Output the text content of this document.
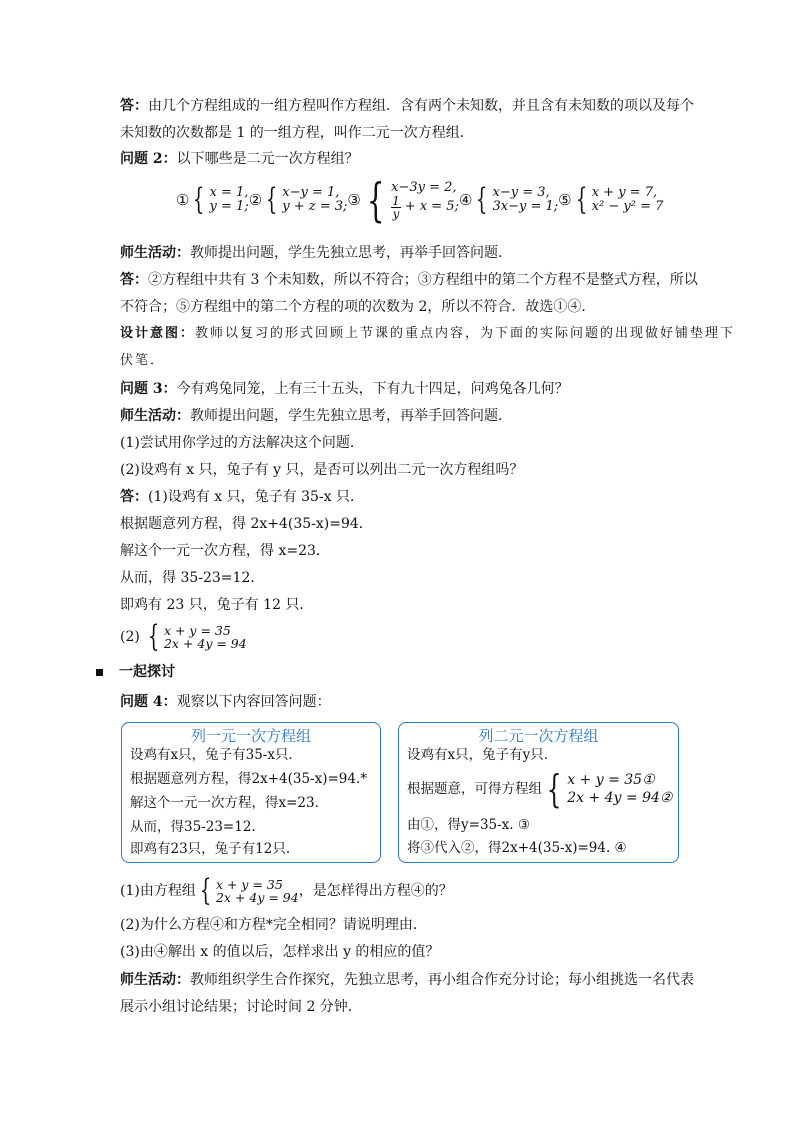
答：由几个方程组成的一组方程叫作方程组．含有两个未知数，并且含有未知数的项以及每个
未知数的次数都是 1 的一组方程，叫作二元一次方程组．
问题 2：以下哪些是二元一次方程组？
① { x = 1,
y = 1; ② { x−y = 1,
y + z = 3; ③ { x−3y = 2,
$\frac{1}{y} + x = 5$; ④ { x−y = 3,
3x−y = 1; ⑤ { x + y = 7,
x² − y² = 7
师生活动：教师提出问题，学生先独立思考，再举手回答问题．
答：②方程组中共有 3 个未知数，所以不符合；③方程组中的第二个方程不是整式方程，所以
不符合；⑤方程组中的第二个方程的项的次数为 2，所以不符合．故选①④．
设计意图：教师以复习的形式回顾上节课的重点内容，为下面的实际问题的出现做好铺垫理下
伏笔．
问题 3：今有鸡兔同笼，上有三十五头，下有九十四足，问鸡兔各几何？
师生活动：教师提出问题，学生先独立思考，再举手回答问题．
(1)尝试用你学过的方法解决这个问题．
(2)设鸡有 x 只，兔子有 y 只，是否可以列出二元一次方程组吗？
答：(1)设鸡有 x 只，兔子有 35-x 只．
根据题意列方程，得 2x+4(35-x)=94．
解这个一元一次方程，得 x=23．
从而，得 35-23=12．
即鸡有 23 只，兔子有 12 只．
(2) { x + y = 35
2x + 4y = 94
一起探讨
问题 4：观察以下内容回答问题：
列一元一次方程组
设鸡有x只，兔子有35-x只．
根据题意列方程，得2x+4(35-x)=94.*
解这个一元一次方程，得x=23.
从而，得35-23=12.
即鸡有23只，兔子有12只.
列二元一次方程组
设鸡有x只，兔子有y只．
根据题意，可得方程组 { x + y = 35①
2x + 4y = 94②
由①，得y=35-x. ③
将③代入②，得2x+4(35-x)=94. ④
(1)由方程组 { x + y = 35
2x + 4y = 94 ，是怎样得出方程④的？
(2)为什么方程④和方程*完全相同？请说明理由．
(3)由④解出 x 的值以后，怎样求出 y 的相应的值？
师生活动：教师组织学生合作探究，先独立思考，再小组合作充分讨论；每小组挑选一名代表
展示小组讨论结果；讨论时间 2 分钟．
